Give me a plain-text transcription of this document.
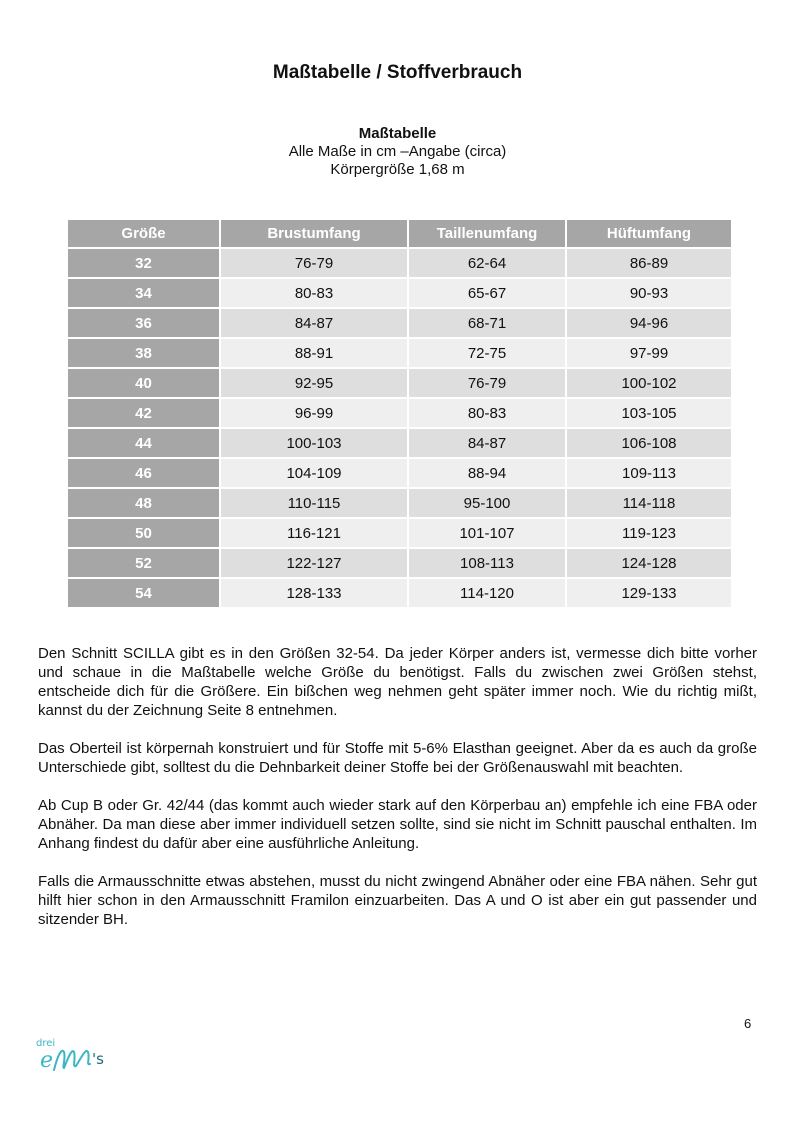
Maßtabelle / Stoffverbrauch
Maßtabelle
Alle Maße in cm –Angabe (circa)
Körpergröße 1,68 m
Größe	Brustumfang	Taillenumfang	Hüftumfang
32	76-79	62-64	86-89
34	80-83	65-67	90-93
36	84-87	68-71	94-96
38	88-91	72-75	97-99
40	92-95	76-79	100-102
42	96-99	80-83	103-105
44	100-103	84-87	106-108
46	104-109	88-94	109-113
48	110-115	95-100	114-118
50	116-121	101-107	119-123
52	122-127	108-113	124-128
54	128-133	114-120	129-133

Den Schnitt SCILLA gibt es in den Größen 32-54. Da jeder Körper anders ist, vermesse dich bitte vorher und schaue in die Maßtabelle welche Größe du benötigst. Falls du zwischen zwei Größen stehst, entscheide dich für die Größere. Ein bißchen weg nehmen geht später immer noch. Wie du richtig mißt, kannst du der Zeichnung Seite 8 entnehmen.

Das Oberteil ist körpernah konstruiert und für Stoffe mit 5-6% Elasthan geeignet. Aber da es auch da große Unterschiede gibt, solltest du die Dehnbarkeit deiner Stoffe bei der Größenauswahl mit beachten.

Ab Cup B oder Gr. 42/44 (das kommt auch wieder stark auf den Körperbau an) empfehle ich eine FBA oder Abnäher. Da man diese aber immer individuell setzen sollte, sind sie nicht im Schnitt pauschal enthalten. Im Anhang findest du dafür aber eine ausführliche Anleitung.

Falls die Armausschnitte etwas abstehen, musst du nicht zwingend Abnäher oder eine FBA nähen. Sehr gut hilft hier schon in den Armausschnitt Framilon einzuarbeiten. Das A und O ist aber ein gut passender und sitzender BH.

6
drei
e	's
